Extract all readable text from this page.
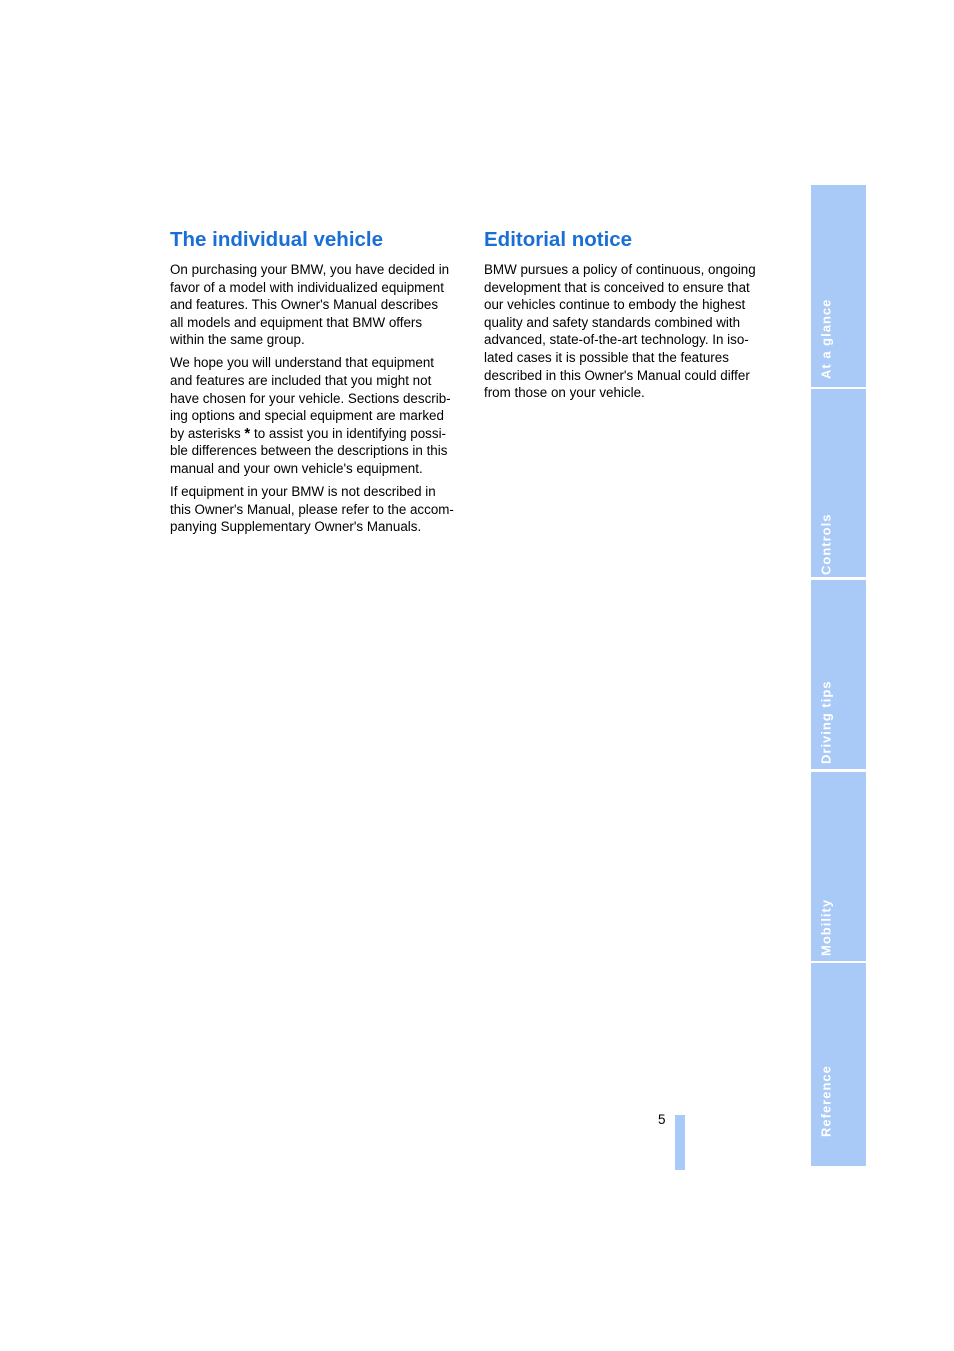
The individual vehicle

On purchasing your BMW, you have decided in
favor of a model with individualized equipment
and features. This Owner's Manual describes
all models and equipment that BMW offers
within the same group.

We hope you will understand that equipment
and features are included that you might not
have chosen for your vehicle. Sections describ-
ing options and special equipment are marked
by asterisks * to assist you in identifying possi-
ble differences between the descriptions in this
manual and your own vehicle's equipment.

If equipment in your BMW is not described in
this Owner's Manual, please refer to the accom-
panying Supplementary Owner's Manuals.

Editorial notice

BMW pursues a policy of continuous, ongoing
development that is conceived to ensure that
our vehicles continue to embody the highest
quality and safety standards combined with
advanced, state-of-the-art technology. In iso-
lated cases it is possible that the features
described in this Owner's Manual could differ
from those on your vehicle.

5
At a glance
Controls
Driving tips
Mobility
Reference
